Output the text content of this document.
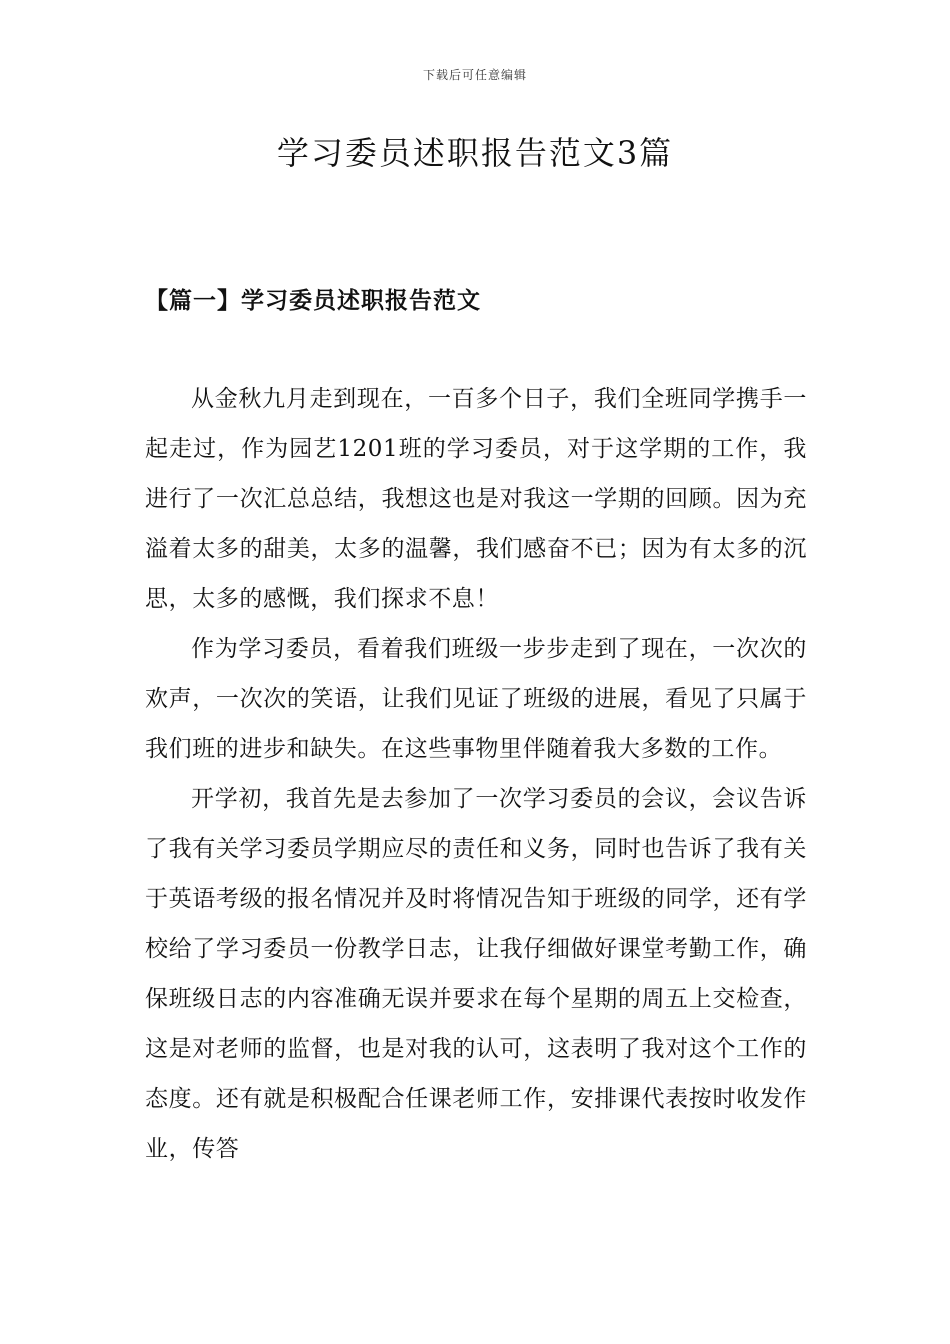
下载后可任意编辑
学习委员述职报告范文3篇
【篇一】学习委员述职报告范文

从金秋九月走到现在，一百多个日子，我们全班同学携手一起走过，作为园艺1201班的学习委员，对于这学期的工作，我进行了一次汇总总结，我想这也是对我这一学期的回顾。因为充溢着太多的甜美，太多的温馨，我们感奋不已；因为有太多的沉思，太多的感慨，我们探求不息！

作为学习委员，看着我们班级一步步走到了现在，一次次的欢声，一次次的笑语，让我们见证了班级的进展，看见了只属于我们班的进步和缺失。在这些事物里伴随着我大多数的工作。

开学初，我首先是去参加了一次学习委员的会议，会议告诉了我有关学习委员学期应尽的责任和义务，同时也告诉了我有关于英语考级的报名情况并及时将情况告知于班级的同学，还有学校给了学习委员一份教学日志，让我仔细做好课堂考勤工作，确保班级日志的内容准确无误并要求在每个星期的周五上交检查，这是对老师的监督，也是对我的认可，这表明了我对这个工作的态度。还有就是积极配合任课老师工作，安排课代表按时收发作业，传答
